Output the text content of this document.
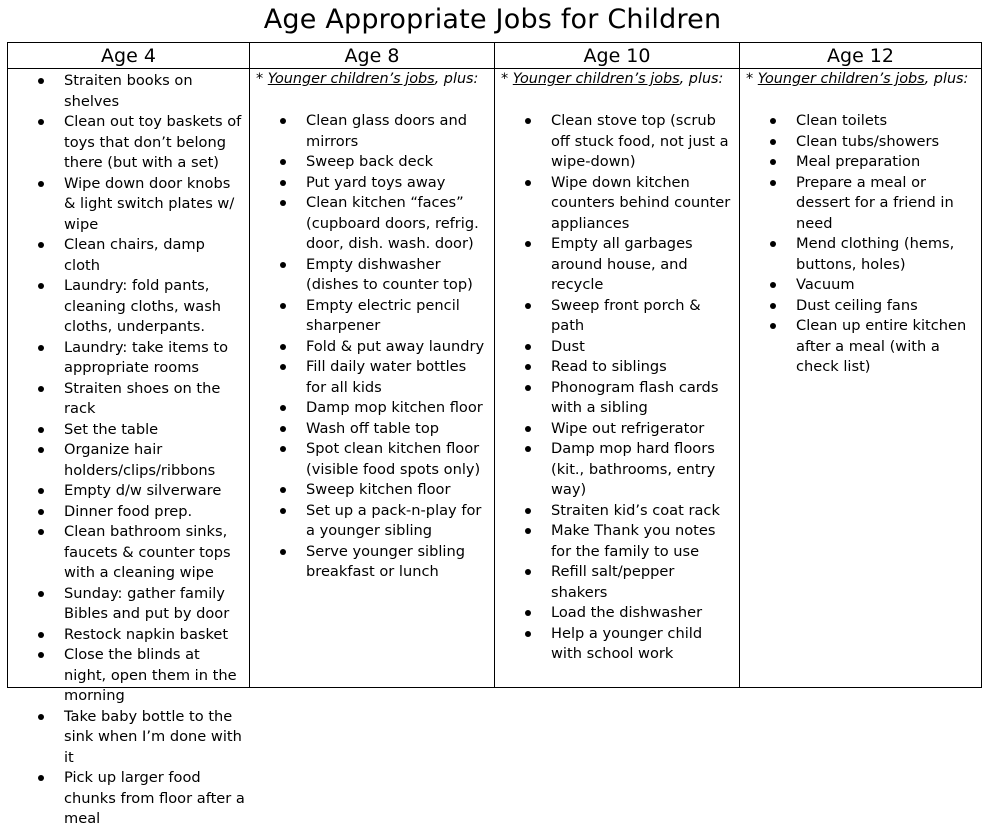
Age Appropriate Jobs for Children
Age 4
Straiten books on shelves
Clean out toy baskets of toys that don’t belong there (but with a set)
Wipe down door knobs & light switch plates w/ wipe
Clean chairs, damp cloth
Laundry: fold pants, cleaning cloths, wash cloths, underpants.
Laundry: take items to appropriate rooms
Straiten shoes on the rack
Set the table
Organize hair holders/clips/ribbons
Empty d/w silverware
Dinner food prep.
Clean bathroom sinks, faucets & counter tops with a cleaning wipe
Sunday: gather family Bibles and put by door
Restock napkin basket
Close the blinds at night, open them in the morning
Take baby bottle to the sink when I’m done with it
Pick up larger food chunks from floor after a meal
Age 8
* Younger children’s jobs, plus:
Clean glass doors and mirrors
Sweep back deck
Put yard toys away
Clean kitchen “faces” (cupboard doors, refrig. door, dish. wash. door)
Empty dishwasher (dishes to counter top)
Empty electric pencil sharpener
Fold & put away laundry
Fill daily water bottles for all kids
Damp mop kitchen floor
Wash off table top
Spot clean kitchen floor (visible food spots only)
Sweep kitchen floor
Set up a pack-n-play for a younger sibling
Serve younger sibling breakfast or lunch
Age 10
* Younger children’s jobs, plus:
Clean stove top (scrub off stuck food, not just a wipe-down)
Wipe down kitchen counters behind counter appliances
Empty all garbages around house, and recycle
Sweep front porch & path
Dust
Read to siblings
Phonogram flash cards with a sibling
Wipe out refrigerator
Damp mop hard floors (kit., bathrooms, entry way)
Straiten kid’s coat rack
Make Thank you notes for the family to use
Refill salt/pepper shakers
Load the dishwasher
Help a younger child with school work
Age 12
* Younger children’s jobs, plus:
Clean toilets
Clean tubs/showers
Meal preparation
Prepare a meal or dessert for a friend in need
Mend clothing (hems, buttons, holes)
Vacuum
Dust ceiling fans
Clean up entire kitchen after a meal (with a check list)
